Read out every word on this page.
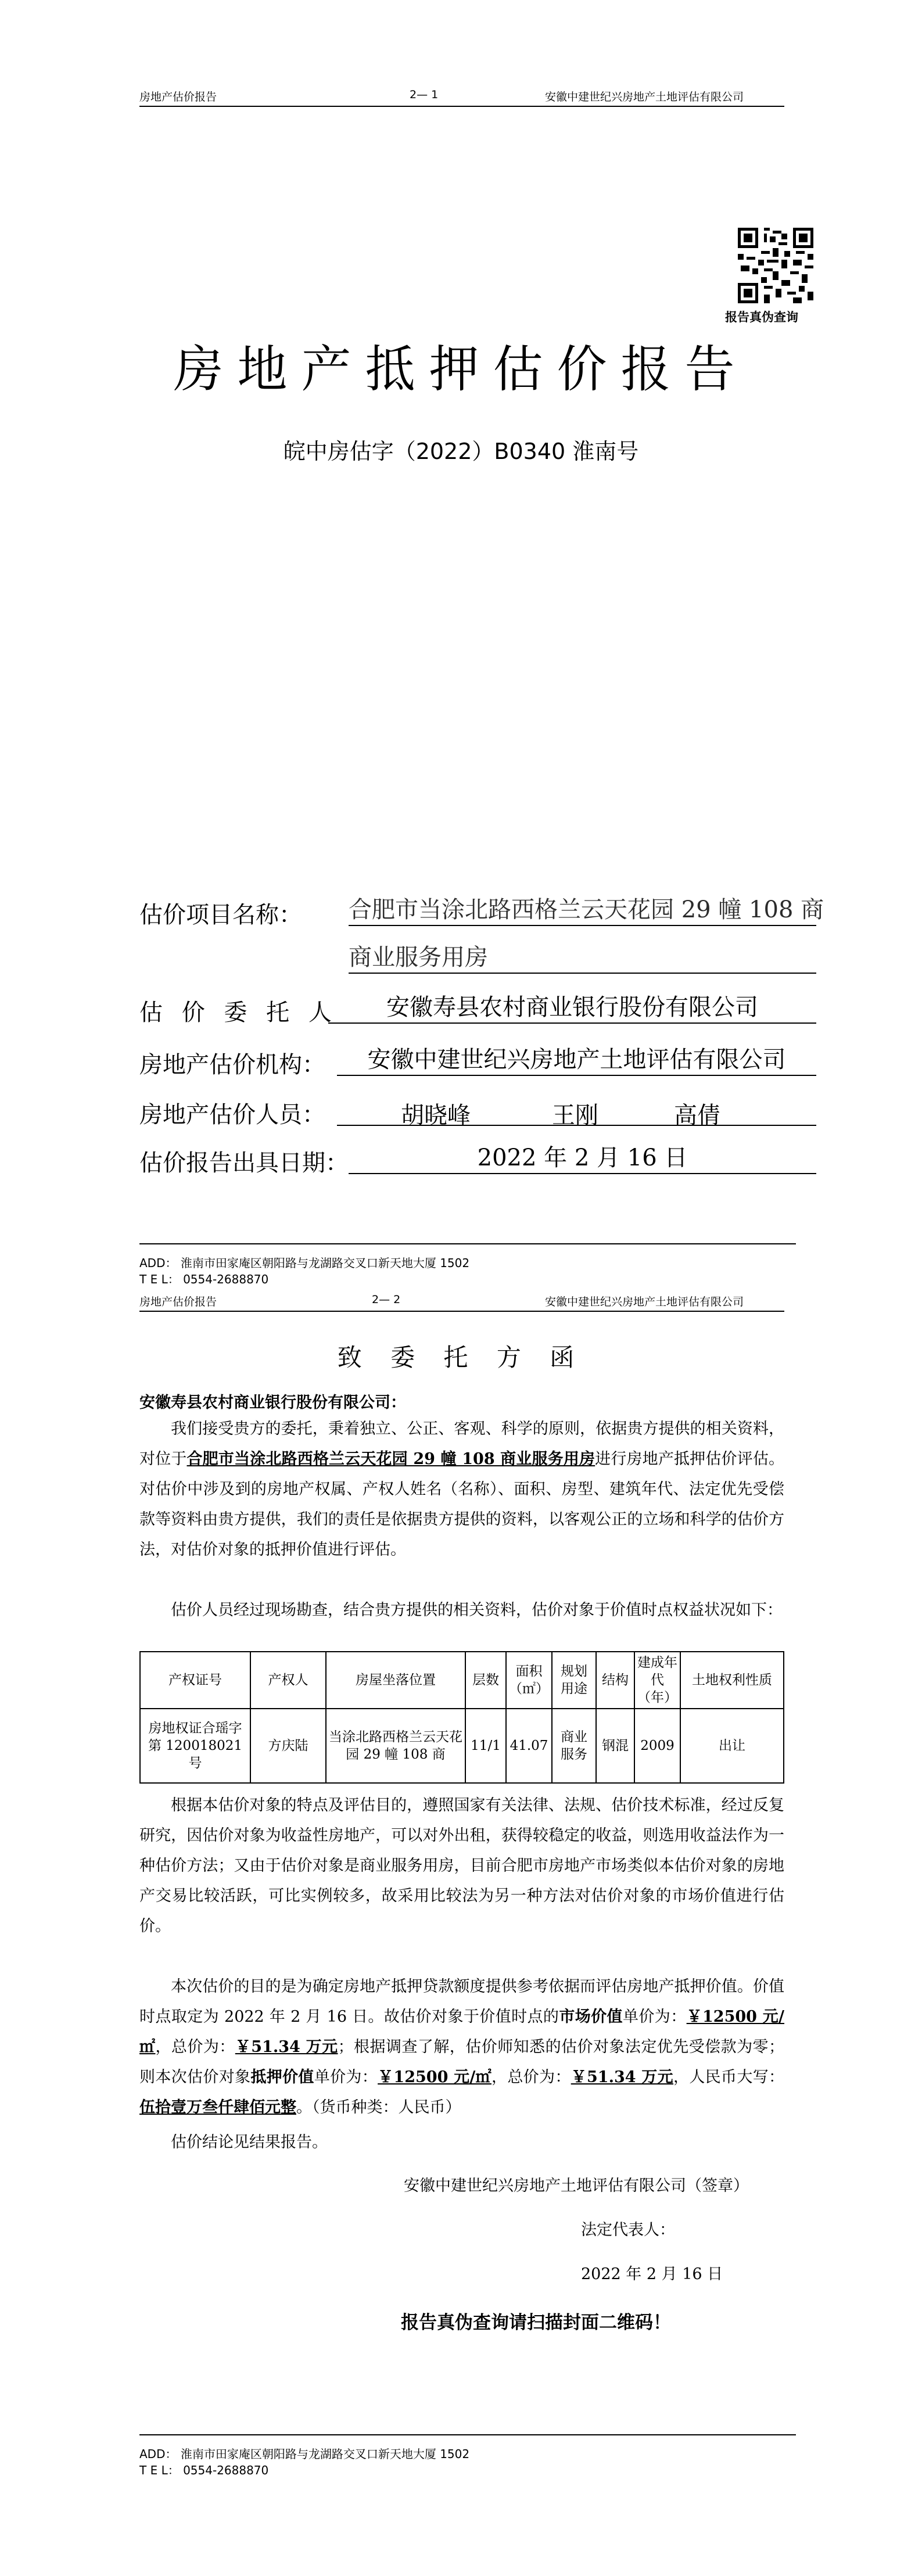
房地产估价报告	2— 1	安徽中建世纪兴房地产土地评估有限公司
报告真伪查询
房地产抵押估价报告
皖中房估字（2022）B0340 淮南号
估价项目名称： 合肥市当涂北路西格兰云天花园 29 幢 108 商
商业服务用房
估 价 委 托 人	安徽寿县农村商业银行股份有限公司
房地产估价机构：	安徽中建世纪兴房地产土地评估有限公司
房地产估价人员：	胡晓峰	王刚	高倩
估价报告出具日期：	2022 年 2 月 16 日
ADD： 淮南市田家庵区朝阳路与龙湖路交叉口新天地大厦 1502
T E L： 0554-2688870
房地产估价报告	2— 2	安徽中建世纪兴房地产土地评估有限公司
致 委 托 方 函
安徽寿县农村商业银行股份有限公司：
我们接受贵方的委托，秉着独立、公正、客观、科学的原则，依据贵方提供的相关资料，对位于合肥市当涂北路西格兰云天花园 29 幢 108 商业服务用房进行房地产抵押估价评估。对估价中涉及到的房地产权属、产权人姓名（名称）、面积、房型、建筑年代、法定优先受偿款等资料由贵方提供，我们的责任是依据贵方提供的资料，以客观公正的立场和科学的估价方法，对估价对象的抵押价值进行评估。
估价人员经过现场勘查，结合贵方提供的相关资料，估价对象于价值时点权益状况如下：
产权证号	产权人	房屋坐落位置	层数	面积（㎡）	规划用途	结构	建成年代（年）	土地权利性质
房地权证合瑶字第 120018021 号	方庆陆	当涂北路西格兰云天花园 29 幢 108 商	11/1	41.07	商业服务	钢混	2009	出让
根据本估价对象的特点及评估目的，遵照国家有关法律、法规、估价技术标准，经过反复研究，因估价对象为收益性房地产，可以对外出租，获得较稳定的收益，则选用收益法作为一种估价方法；又由于估价对象是商业服务用房，目前合肥市房地产市场类似本估价对象的房地产交易比较活跃，可比实例较多，故采用比较法为另一种方法对估价对象的市场价值进行估价。
本次估价的目的是为确定房地产抵押贷款额度提供参考依据而评估房地产抵押价值。价值时点取定为 2022 年 2 月 16 日。故估价对象于价值时点的市场价值单价为：￥12500 元/㎡，总价为：￥51.34 万元；根据调查了解，估价师知悉的估价对象法定优先受偿款为零；则本次估价对象抵押价值单价为：￥12500 元/㎡，总价为：￥51.34 万元，人民币大写：伍拾壹万叁仟肆佰元整。（货币种类：人民币）
估价结论见结果报告。
安徽中建世纪兴房地产土地评估有限公司（签章）
法定代表人：
2022 年 2 月 16 日
报告真伪查询请扫描封面二维码！
ADD： 淮南市田家庵区朝阳路与龙湖路交叉口新天地大厦 1502
T E L： 0554-2688870
